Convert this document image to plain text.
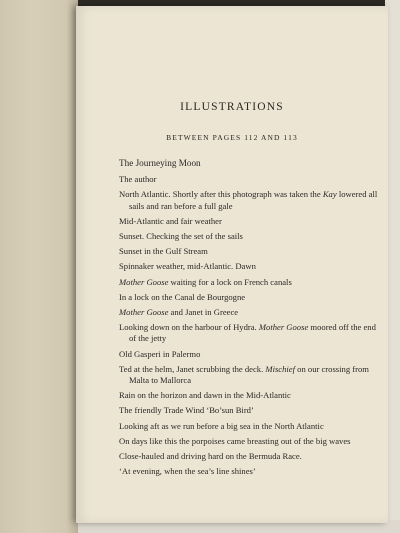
ILLUSTRATIONS
BETWEEN PAGES 112 AND 113
The Journeying Moon
The author
North Atlantic. Shortly after this photograph was taken the Kay lowered all sails and ran before a full gale
Mid-Atlantic and fair weather
Sunset. Checking the set of the sails
Sunset in the Gulf Stream
Spinnaker weather, mid-Atlantic. Dawn
Mother Goose waiting for a lock on French canals
In a lock on the Canal de Bourgogne
Mother Goose and Janet in Greece
Looking down on the harbour of Hydra. Mother Goose moored off the end of the jetty
Old Gasperi in Palermo
Ted at the helm, Janet scrubbing the deck. Mischief on our crossing from Malta to Mallorca
Rain on the horizon and dawn in the Mid-Atlantic
The friendly Trade Wind ‘Bo’sun Bird’
Looking aft as we run before a big sea in the North Atlantic
On days like this the porpoises came breasting out of the big waves
Close-hauled and driving hard on the Bermuda Race.
‘At evening, when the sea’s line shines’
